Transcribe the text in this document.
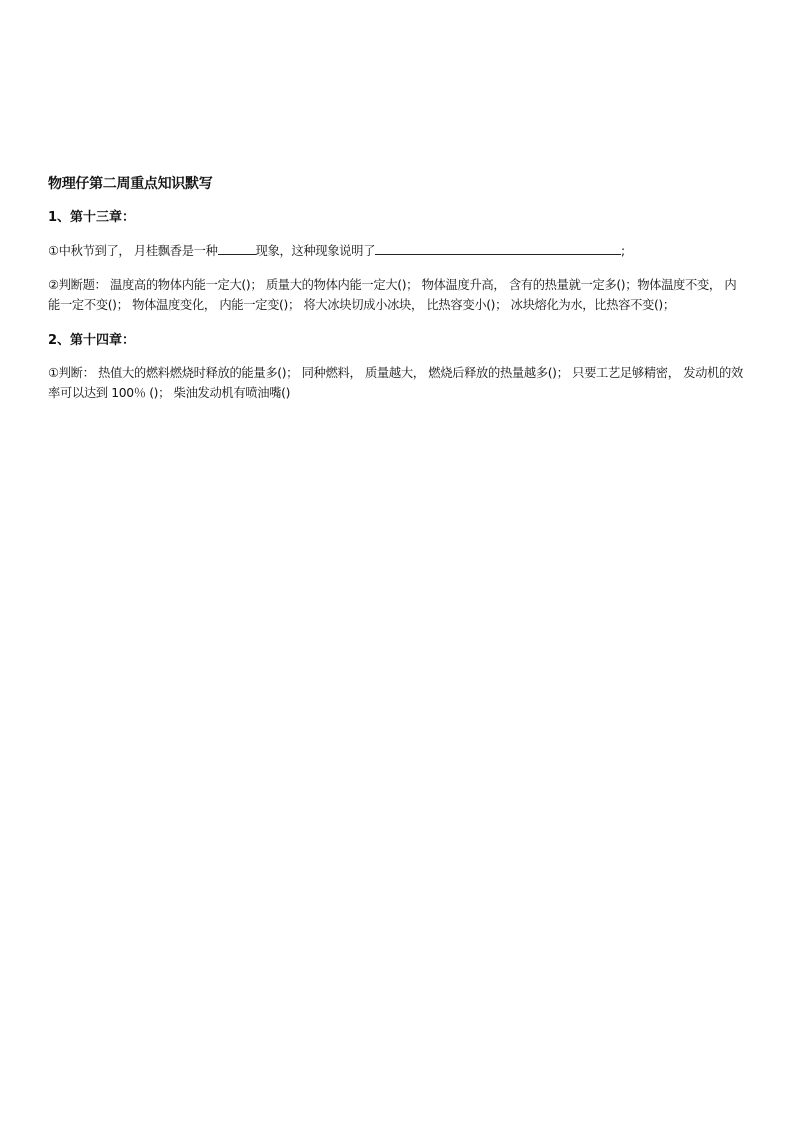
物理仔第二周重点知识默写
1、第十三章：
①中秋节到了， 月桂飘香是一种	现象，这种现象说明了	;
②判断题： 温度高的物体内能一定大()； 质量大的物体内能一定大()； 物体温度升高， 含有的热量就一定多()；物体温度不变， 内能一定不变()； 物体温度变化， 内能一定变()； 将大冰块切成小冰块， 比热容变小()； 冰块熔化为水，比热容不变()；
2、第十四章：
①判断： 热值大的燃料燃烧时释放的能量多()； 同种燃料， 质量越大， 燃烧后释放的热量越多()； 只要工艺足够精密， 发动机的效率可以达到 100％ ()； 柴油发动机有喷油嘴()
